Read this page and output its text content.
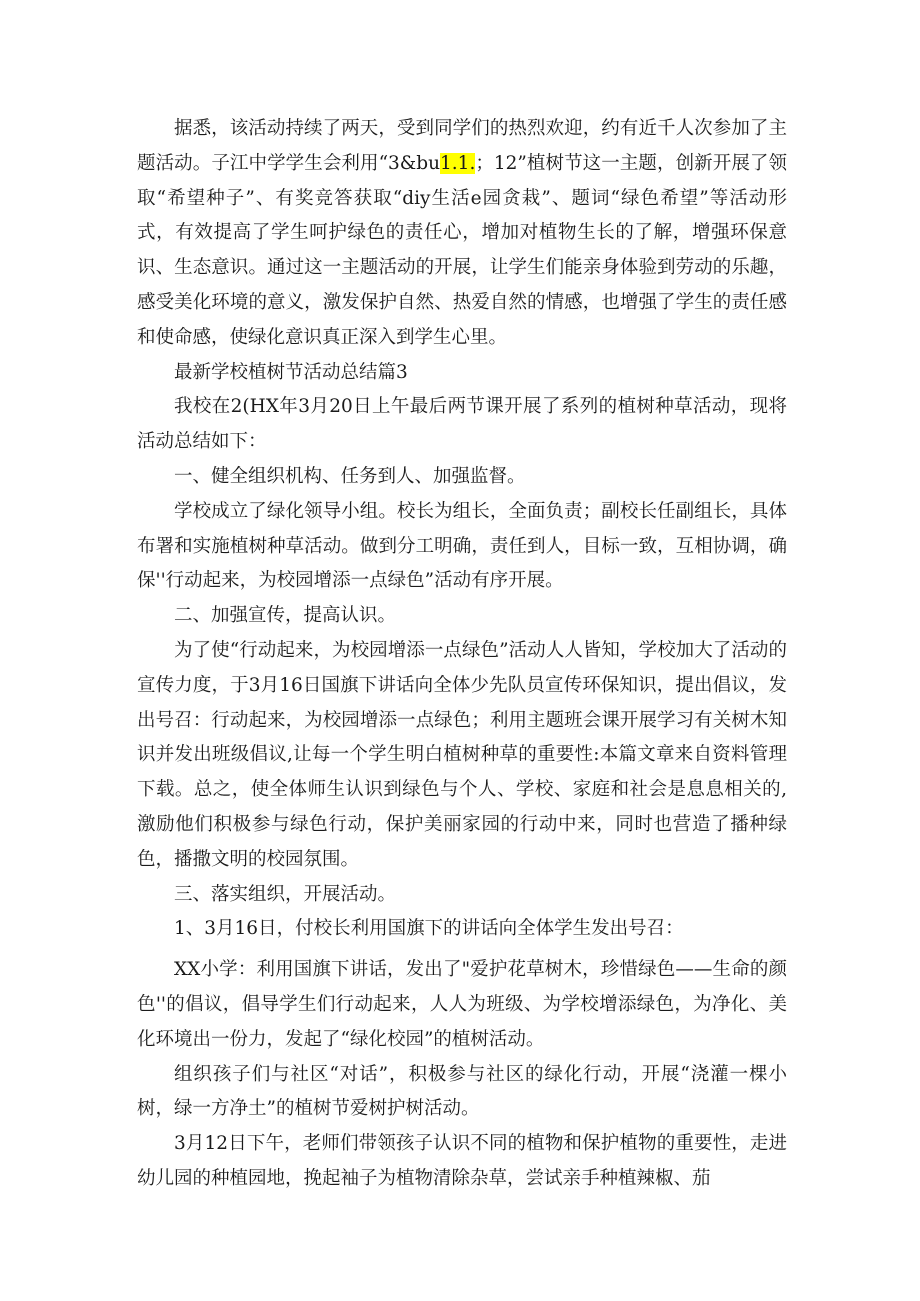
据悉，该活动持续了两天，受到同学们的热烈欢迎，约有近千人次参加了主题活动。子江中学学生会利用“3&bu1.1.；12”植树节这一主题，创新开展了领取“希望种子”、有奖竞答获取“diy生活e园贪栽”、题词“绿色希望”等活动形式，有效提高了学生呵护绿色的责任心，增加对植物生长的了解，增强环保意识、生态意识。通过这一主题活动的开展，让学生们能亲身体验到劳动的乐趣，感受美化环境的意义，激发保护自然、热爱自然的情感，也增强了学生的责任感和使命感，使绿化意识真正深入到学生心里。

最新学校植树节活动总结篇3

我校在2(HX年3月20日上午最后两节课开展了系列的植树种草活动，现将活动总结如下：

一、健全组织机构、任务到人、加强监督。

学校成立了绿化领导小组。校长为组长，全面负责；副校长任副组长，具体布署和实施植树种草活动。做到分工明确，责任到人，目标一致，互相协调，确保''行动起来，为校园增添一点绿色”活动有序开展。

二、加强宣传，提高认识。

为了使“行动起来，为校园增添一点绿色”活动人人皆知，学校加大了活动的宣传力度，于3月16日国旗下讲话向全体少先队员宣传环保知识，提出倡议，发出号召：行动起来，为校园增添一点绿色；利用主题班会课开展学习有关树木知识并发出班级倡议,让每一个学生明白植树种草的重要性:本篇文章来自资料管理下载。总之，使全体师生认识到绿色与个人、学校、家庭和社会是息息相关的,激励他们积极参与绿色行动，保护美丽家园的行动中来，同时也营造了播种绿色，播撒文明的校园氛围。

三、落实组织，开展活动。

1、3月16日，付校长利用国旗下的讲话向全体学生发出号召：

XX小学：利用国旗下讲话，发出了"爱护花草树木，珍惜绿色——生命的颜色''的倡议，倡导学生们行动起来，人人为班级、为学校增添绿色，为净化、美化环境出一份力，发起了“绿化校园”的植树活动。

组织孩子们与社区“对话”，积极参与社区的绿化行动，开展“浇灌一棵小树，绿一方净土”的植树节爱树护树活动。

3月12日下午，老师们带领孩子认识不同的植物和保护植物的重要性，走进幼儿园的种植园地，挽起袖子为植物清除杂草，尝试亲手种植辣椒、茄
